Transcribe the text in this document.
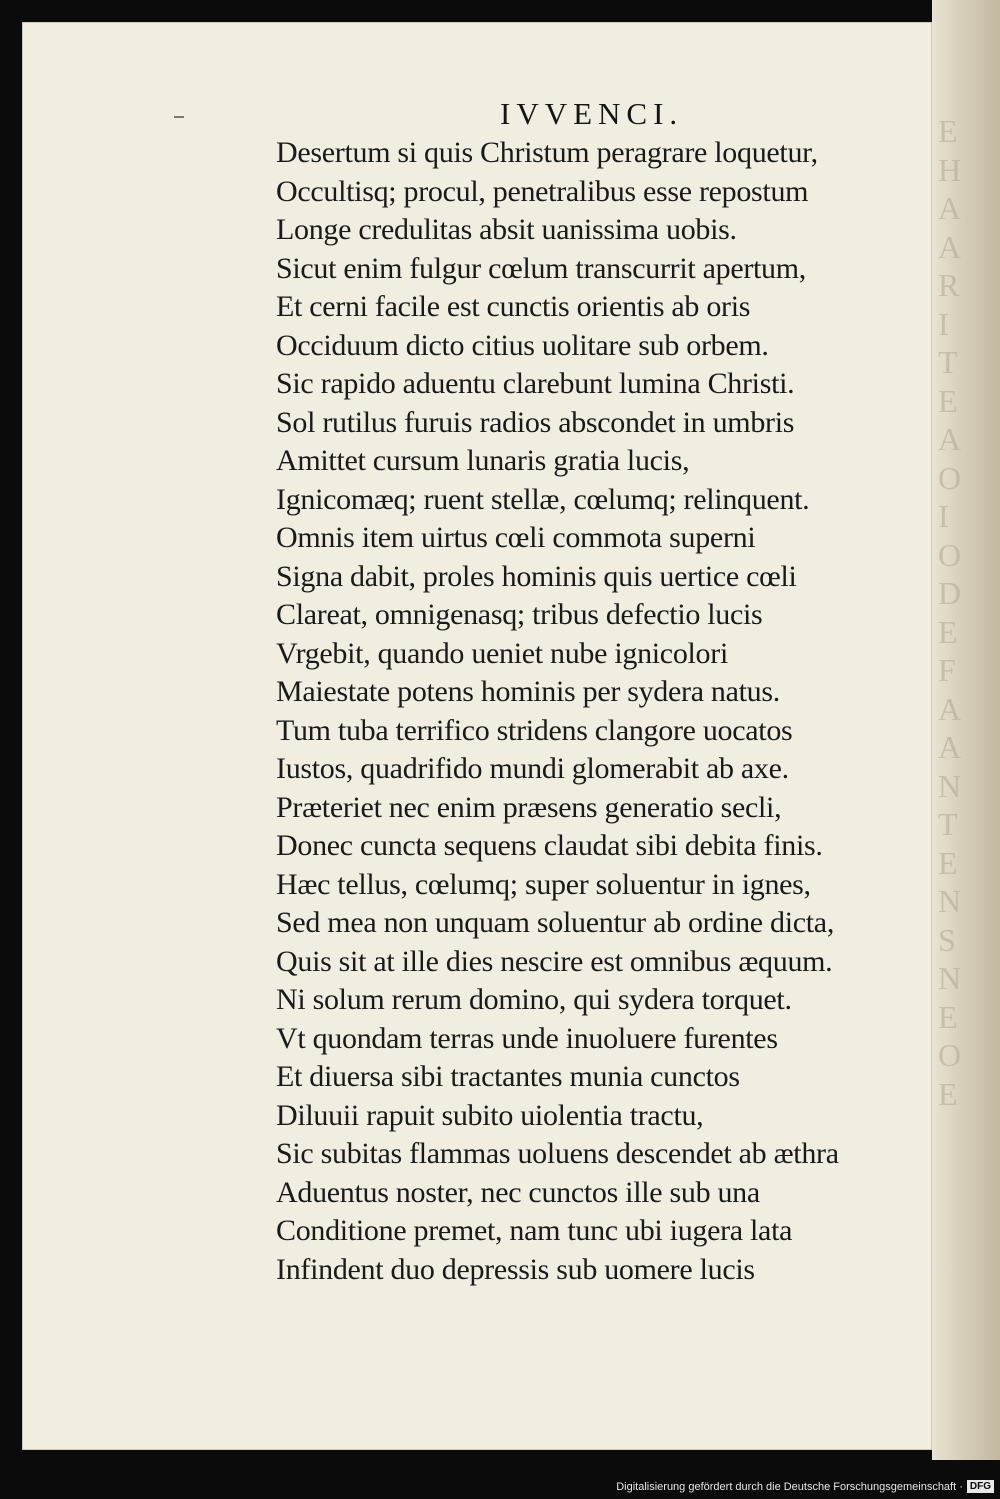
IVVENCI.
Desertum si quis Christum peragrare loquetur,
Occultisq; procul, penetralibus esse repostum
Longe credulitas absit uanissima uobis.
Sicut enim fulgur cœlum transcurrit apertum,
Et cerni facile est cunctis orientis ab oris
Occiduum dicto citius uolitare sub orbem.
Sic rapido aduentu clarebunt lumina Christi.
Sol rutilus furuis radios abscondet in umbris
Amittet cursum lunaris gratia lucis,
Ignicomæq; ruent stellæ, cœlumq; relinquent.
Omnis item uirtus cœli commota superni
Signa dabit, proles hominis quis uertice cœli
Clareat, omnigenasq; tribus defectio lucis
Vrgebit, quando ueniet nube ignicolori
Maiestate potens hominis per sydera natus.
Tum tuba terrifico stridens clangore uocatos
Iustos, quadrifido mundi glomerabit ab axe.
Præteriet nec enim præsens generatio secli,
Donec cuncta sequens claudat sibi debita finis.
Hæc tellus, cœlumq; super soluentur in ignes,
Sed mea non unquam soluentur ab ordine dicta,
Quis sit at ille dies nescire est omnibus æquum.
Ni solum rerum domino, qui sydera torquet.
Vt quondam terras unde inuoluere furentes
Et diuersa sibi tractantes munia cunctos
Diluuii rapuit subito uiolentia tractu,
Sic subitas flammas uoluens descendet ab æthra
Aduentus noster, nec cunctos ille sub una
Conditione premet, nam tunc ubi iugera lata
Infindent duo depressis sub uomere lucis
E
H
A
A
R
I
T
E
A
O
I
O
D
E
F
A
A
N
T
E
N
S
N
E
O
E
Digitalisierung gefördert durch die Deutsche Forschungsgemeinschaft · DFG
